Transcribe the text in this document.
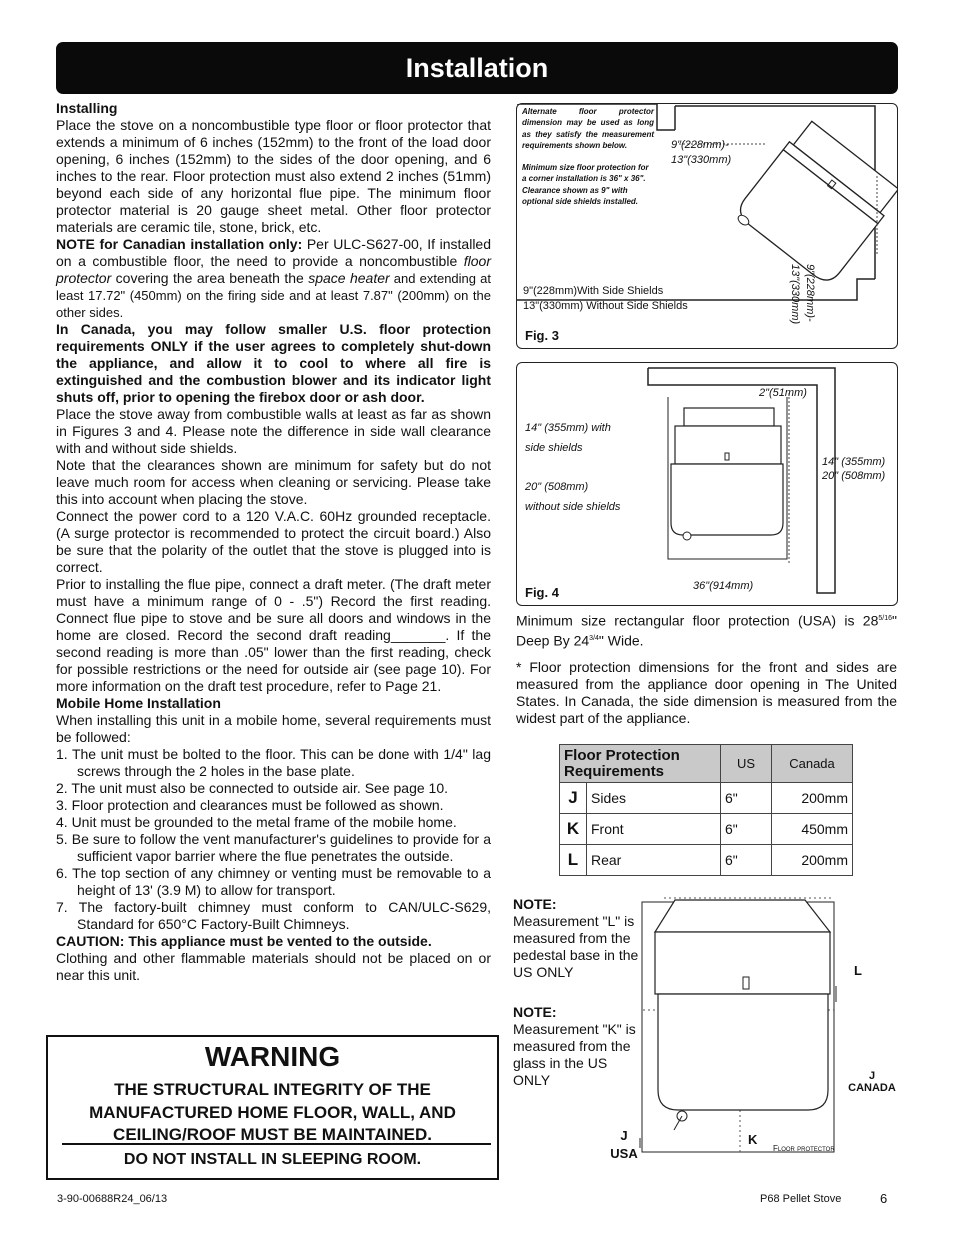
Installation

Installing

Place the stove on a noncombustible type floor or floor protector that extends a minimum of 6 inches (152mm) to the front of the load door opening, 6 inches (152mm) to the sides of the door opening, and 6 inches to the rear. Floor protection must also extend 2 inches (51mm) beyond each side of any horizontal flue pipe. The minimum floor protector material is 20 gauge sheet metal. Other floor protector materials are ceramic tile, stone, brick, etc.

NOTE for Canadian installation only: Per ULC-S627-00, If installed on a combustible floor, the need to provide a noncombustible floor protector covering the area beneath the space heater and extending at least 17.72" (450mm) on the firing side and at least 7.87" (200mm) on the other sides.

In Canada, you may follow smaller U.S. floor protection requirements ONLY if the user agrees to completely shut-down the appliance, and allow it to cool to where all fire is extinguished and the combustion blower and its indicator light shuts off, prior to opening the firebox door or ash door.

Place the stove away from combustible walls at least as far as shown in Figures 3 and 4. Please note the difference in side wall clearance with and without side shields.

Note that the clearances shown are minimum for safety but do not leave much room for access when cleaning or servicing. Please take this into account when placing the stove.

Connect the power cord to a 120 V.A.C. 60Hz grounded receptacle. (A surge protector is recommended to protect the circuit board.) Also be sure that the polarity of the outlet that the stove is plugged into is correct.

Prior to installing the flue pipe, connect a draft meter. (The draft meter must have a minimum range of 0 - .5") Record the first reading. Connect flue pipe to stove and be sure all doors and windows in the home are closed. Record the second draft reading_______. If the second reading is more than .05" lower than the first reading, check for possible restrictions or the need for outside air (see page 10). For more information on the draft test procedure, refer to Page 21.

Mobile Home Installation

When installing this unit in a mobile home, several requirements must be followed:

1. The unit must be bolted to the floor. This can be done with 1/4" lag screws through the 2 holes in the base plate.
2. The unit must also be connected to outside air. See page 10.
3. Floor protection and clearances must be followed as shown.
4. Unit must be grounded to the metal frame of the mobile home.
5. Be sure to follow the vent manufacturer's guidelines to provide for a sufficient vapor barrier where the flue penetrates the outside.
6. The top section of any chimney or venting must be removable to a height of 13' (3.9 M) to allow for transport.
7. The factory-built chimney must conform to CAN/ULC-S629, Standard for 650°C Factory-Built Chimneys.

CAUTION: This appliance must be vented to the outside.

Clothing and other flammable materials should not be placed on or near this unit.

WARNING
THE STRUCTURAL INTEGRITY OF THE MANUFACTURED HOME FLOOR, WALL, AND CEILING/ROOF MUST BE MAINTAINED.
DO NOT INSTALL IN SLEEPING ROOM.
Alternate floor protector dimension may be used as long as they satisfy the measurement requirements shown below.
Minimum size floor protection for a corner installation is 36" x 36". Clearance shown as 9" with optional side shields installed.
9"(228mm)-
13"(330mm)
9"(228mm)-
13"(330mm)
9"(228mm)With Side Shields
13"(330mm) Without Side Shields
Fig. 3
14" (355mm) with
side shields
20" (508mm)
without side shields
2"(51mm)
14" (355mm)
20" (508mm)
36"(914mm)
Fig. 4
Minimum size rectangular floor protection (USA) is $28^{5/16}$" Deep By $24^{3/4}$" Wide.
* Floor protection dimensions for the front and sides are measured from the appliance door opening in The United States. In Canada, the side dimension is measured from the widest part of the appliance.
Floor Protection Requirements		US	Canada
J	Sides	6"	200mm
K	Front	6"	450mm
L	Rear	6"	200mm
NOTE:
Measurement "L" is measured from the pedestal base in the US ONLY
NOTE:
Measurement "K" is measured from the glass in the US ONLY
L
J
CANADA
J
USA
K
Floor protector
3-90-00688R24_06/13	P68 Pellet Stove	6
